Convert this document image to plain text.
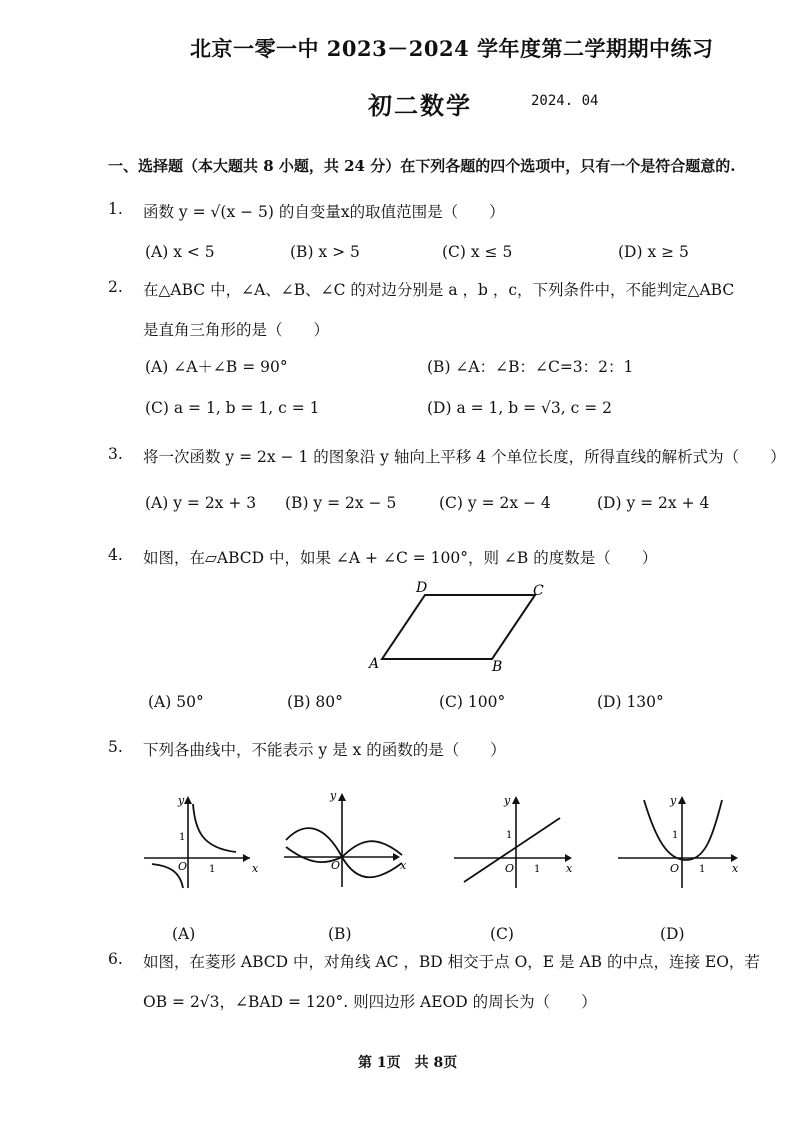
北京一零一中 2023－2024 学年度第二学期期中练习
初二数学	2024. 04
一、选择题（本大题共 8 小题，共 24 分）在下列各题的四个选项中，只有一个是符合题意的.
1. 函数 y = √(x − 5) 的自变量x的取值范围是（　　）
(A) x < 5	(B) x > 5	(C) x ≤ 5	(D) x ≥ 5
2. 在△ABC 中，∠A、∠B、∠C 的对边分别是 a ，b ，c，下列条件中，不能判定△ABC
是直角三角形的是（　　）
(A) ∠A＋∠B = 90°	(B) ∠A：∠B：∠C=3：2：1
(C) a = 1, b = 1, c = 1	(D) a = 1, b = √3, c = 2
3. 将一次函数 y = 2x − 1 的图象沿 y 轴向上平移 4 个单位长度，所得直线的解析式为（　　）
(A) y = 2x + 3 (B) y = 2x − 5	(C) y = 2x − 4	(D) y = 2x + 4
4. 如图，在▱ABCD 中，如果 ∠A + ∠C = 100°，则 ∠B 的度数是（　　）
D	C
A	B
(A) 50°	(B) 80°	(C) 100°	(D) 130°
5. 下列各曲线中，不能表示 y 是 x 的函数的是（　　）
x
y
O 1
1
(A)
x
y
O
(B)
x
y
O 1
1
(C)
x
y
O 1
1
(D)
6. 如图，在菱形 ABCD 中，对角线 AC ，BD 相交于点 O，E 是 AB 的中点，连接 EO，若
OB = 2√3，∠BAD = 120°. 则四边形 AEOD 的周长为（　　）
第 1页　共 8页
